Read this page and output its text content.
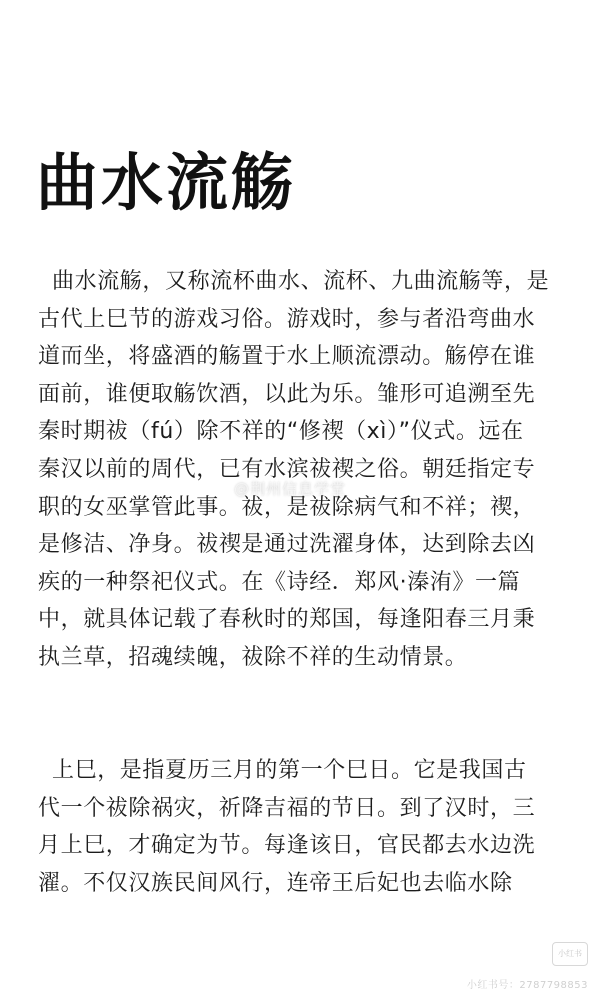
曲水流觞
曲水流觞，又称流杯曲水、流杯、九曲流觞等，是
古代上巳节的游戏习俗。游戏时，参与者沿弯曲水
道而坐，将盛酒的觞置于水上顺流漂动。觞停在谁
面前，谁便取觞饮酒，以此为乐。雏形可追溯至先
秦时期祓（fú）除不祥的“修禊（xì）”仪式。远在
秦汉以前的周代，已有水滨祓禊之俗。朝廷指定专
职的女巫掌管此事。祓，是祓除病气和不祥；禊，
是修洁、净身。祓禊是通过洗濯身体，达到除去凶
疾的一种祭祀仪式。在《诗经．郑风·溱洧》一篇
中，就具体记载了春秋时的郑国，每逢阳春三月秉
执兰草，招魂续魄，祓除不祥的生动情景。
上巳，是指夏历三月的第一个巳日。它是我国古
代一个祓除祸灾，祈降吉福的节日。到了汉时，三
月上巳，才确定为节。每逢该日，官民都去水边洗
濯。不仅汉族民间风行，连帝王后妃也去临水除
@荆州信息学堂
小红书
小红书号：2787798853
